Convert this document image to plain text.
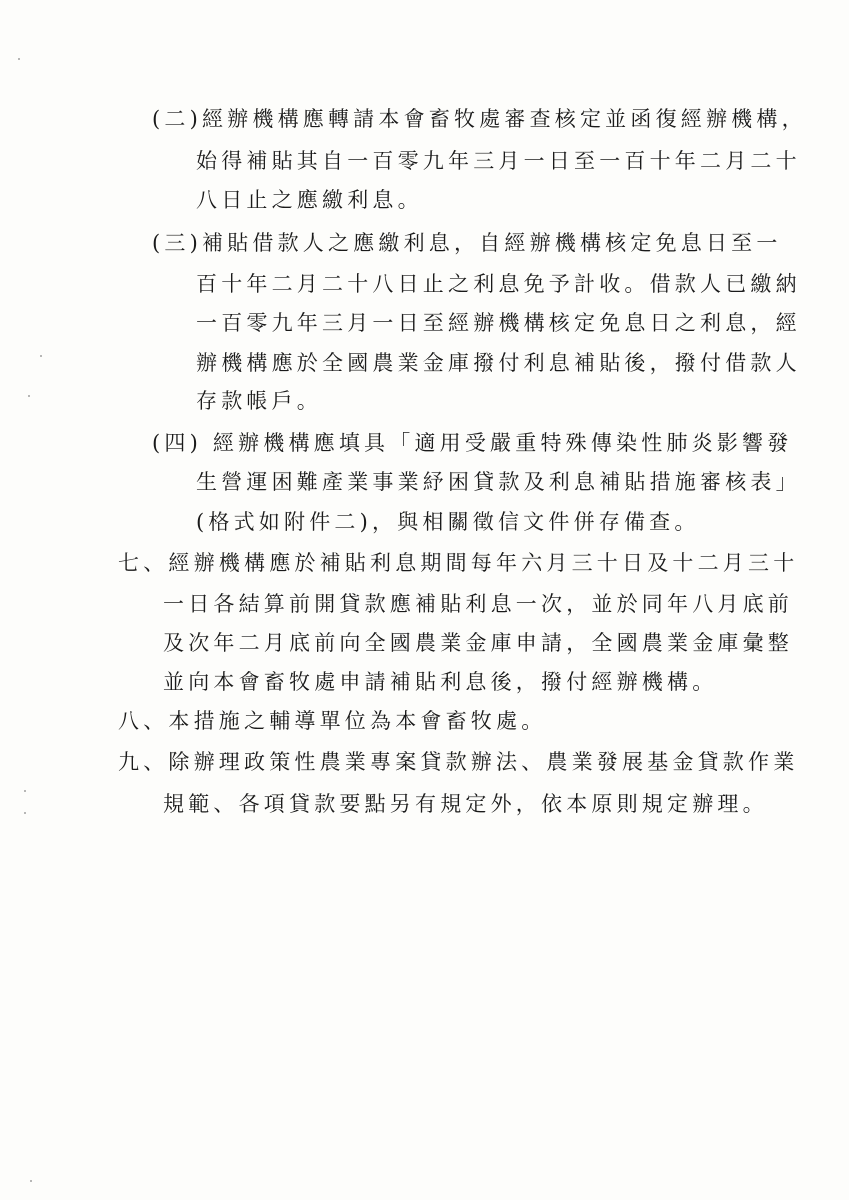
(二)經辦機構應轉請本會畜牧處審查核定並函復經辦機構，
始得補貼其自一百零九年三月一日至一百十年二月二十
八日止之應繳利息。
(三)補貼借款人之應繳利息，自經辦機構核定免息日至一
百十年二月二十八日止之利息免予計收。借款人已繳納
一百零九年三月一日至經辦機構核定免息日之利息，經
辦機構應於全國農業金庫撥付利息補貼後，撥付借款人
存款帳戶。
(四) 經辦機構應填具「適用受嚴重特殊傳染性肺炎影響發
生營運困難產業事業紓困貸款及利息補貼措施審核表」
(格式如附件二)，與相關徵信文件併存備查。
七、經辦機構應於補貼利息期間每年六月三十日及十二月三十
一日各結算前開貸款應補貼利息一次，並於同年八月底前
及次年二月底前向全國農業金庫申請，全國農業金庫彙整
並向本會畜牧處申請補貼利息後，撥付經辦機構。
八、本措施之輔導單位為本會畜牧處。
九、除辦理政策性農業專案貸款辦法、農業發展基金貸款作業
規範、各項貸款要點另有規定外，依本原則規定辦理。
